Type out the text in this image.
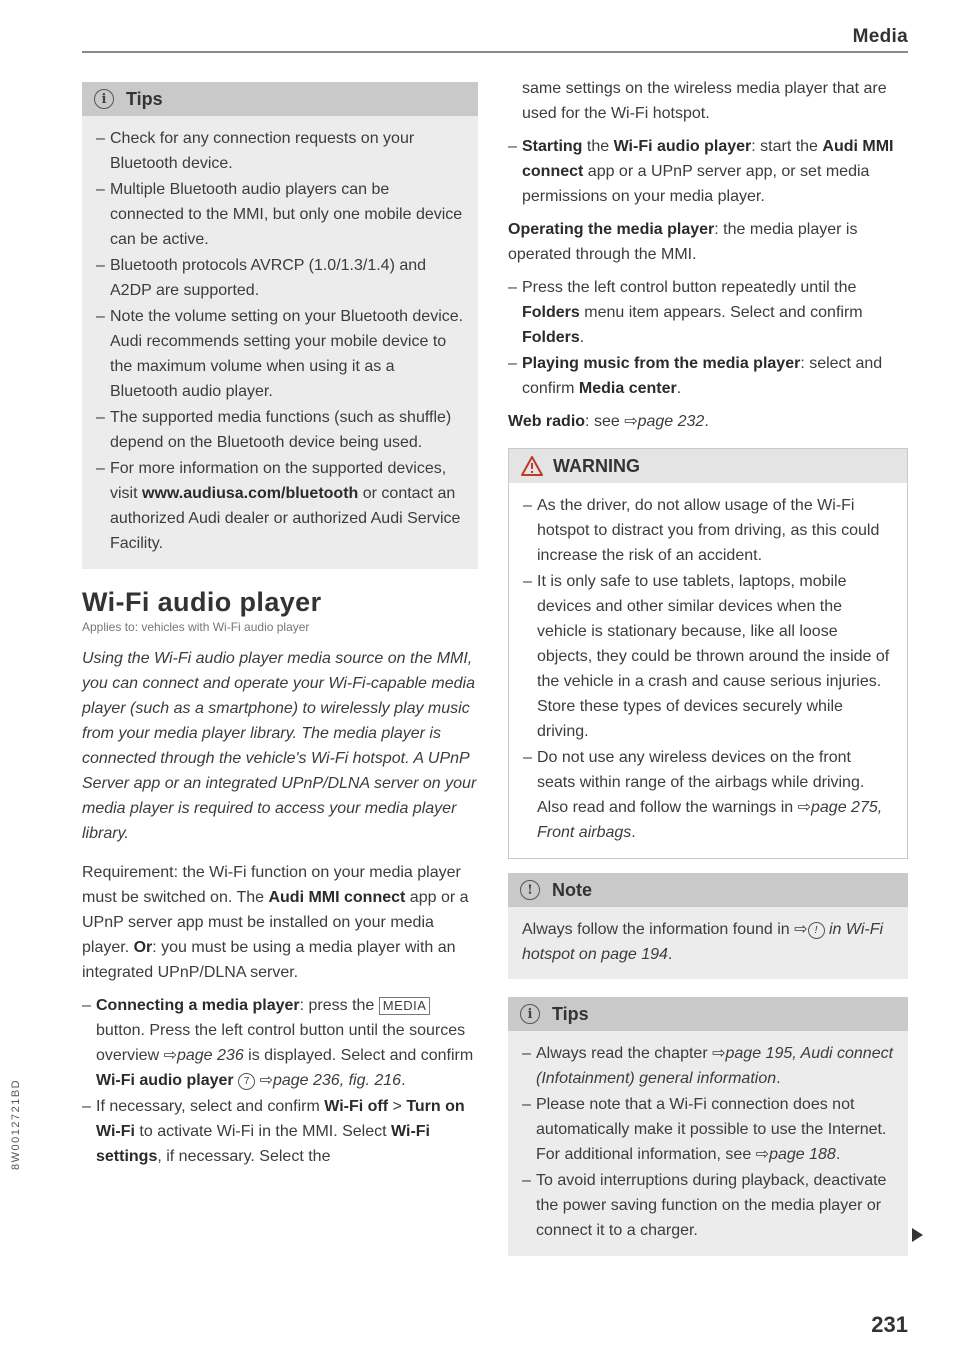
Media
i	Tips
– Check for any connection requests on your Bluetooth device.
– Multiple Bluetooth audio players can be connected to the MMI, but only one mobile device can be active.
– Bluetooth protocols AVRCP (1.0/1.3/1.4) and A2DP are supported.
– Note the volume setting on your Bluetooth device. Audi recommends setting your mobile device to the maximum volume when using it as a Bluetooth audio player.
– The supported media functions (such as shuffle) depend on the Bluetooth device being used.
– For more information on the supported devices, visit www.audiusa.com/bluetooth or contact an authorized Audi dealer or authorized Audi Service Facility.
Wi-Fi audio player
Applies to: vehicles with Wi-Fi audio player
Using the Wi-Fi audio player media source on the MMI, you can connect and operate your Wi-Fi-capable media player (such as a smartphone) to wirelessly play music from your media player library. The media player is connected through the vehicle's Wi-Fi hotspot. A UPnP Server app or an integrated UPnP/DLNA server on your media player is required to access your media player library.

Requirement: the Wi-Fi function on your media player must be switched on. The Audi MMI connect app or a UPnP server app must be installed on your media player. Or: you must be using a media player with an integrated UPnP/DLNA server.

– Connecting a media player: press the MEDIA button. Press the left control button until the sources overview ⇨page 236 is displayed. Select and confirm Wi-Fi audio player 7 ⇨page 236, fig. 216.
– If necessary, select and confirm Wi-Fi off > Turn on Wi-Fi to activate Wi-Fi in the MMI. Select Wi-Fi settings, if necessary. Select the

same settings on the wireless media player that are used for the Wi-Fi hotspot.

– Starting the Wi-Fi audio player: start the Audi MMI connect app or a UPnP server app, or set media permissions on your media player.

Operating the media player: the media player is operated through the MMI.

– Press the left control button repeatedly until the Folders menu item appears. Select and confirm Folders.
– Playing music from the media player: select and confirm Media center.

Web radio: see ⇨page 232.

WARNING
– As the driver, do not allow usage of the Wi-Fi hotspot to distract you from driving, as this could increase the risk of an accident.
– It is only safe to use tablets, laptops, mobile devices and other similar devices when the vehicle is stationary because, like all loose objects, they could be thrown around the inside of the vehicle in a crash and cause serious injuries. Store these types of devices securely while driving.
– Do not use any wireless devices on the front seats within range of the airbags while driving. Also read and follow the warnings in ⇨page 275, Front airbags.
!	Note

Always follow the information found in ⇨ ! in Wi-Fi hotspot on page 194.

i	Tips
– Always read the chapter ⇨page 195, Audi connect (Infotainment) general information.
– Please note that a Wi-Fi connection does not automatically make it possible to use the Internet. For additional information, see ⇨page 188.
– To avoid interruptions during playback, deactivate the power saving function on the media player or connect it to a charger.
8W0012721BD
231
